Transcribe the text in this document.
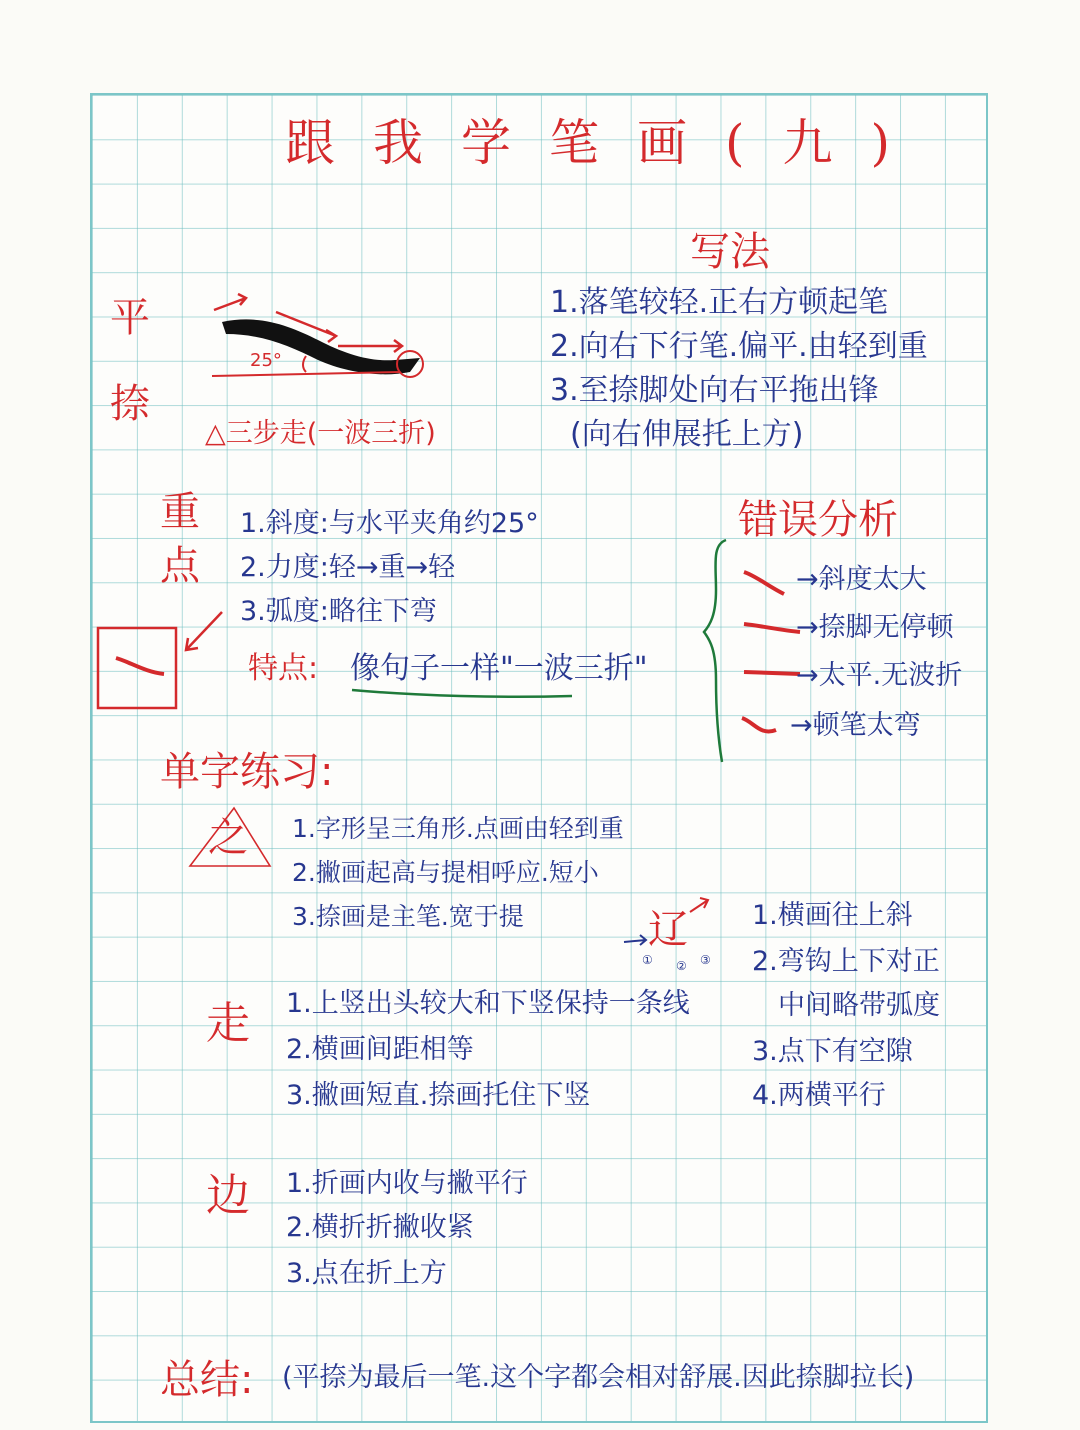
跟我学笔画(九)
平
捺
25°
△三步走(一波三折)
写法
1.落笔较轻.正右方顿起笔
2.向右下行笔.偏平.由轻到重
3.至捺脚处向右平拖出锋
(向右伸展托上方)
重
点
1.斜度:与水平夹角约25°
2.力度:轻→重→轻
3.弧度:略往下弯
特点: 像句子一样"一波三折"
错误分析
→斜度太大
→捺脚无停顿
→太平.无波折
→顿笔太弯
单字练习:
之 1.字形呈三角形.点画由轻到重
2.撇画起高与提相呼应.短小
3.捺画是主笔.宽于提	辽
① ② ③
1.横画往上斜
2.弯钩上下对正
中间略带弧度
3.点下有空隙
4.两横平行
走 1.上竖出头较大和下竖保持一条线
2.横画间距相等
3.撇画短直.捺画托住下竖
边 1.折画内收与撇平行
2.横折折撇收紧
3.点在折上方
总结: (平捺为最后一笔.这个字都会相对舒展.因此捺脚拉长)
